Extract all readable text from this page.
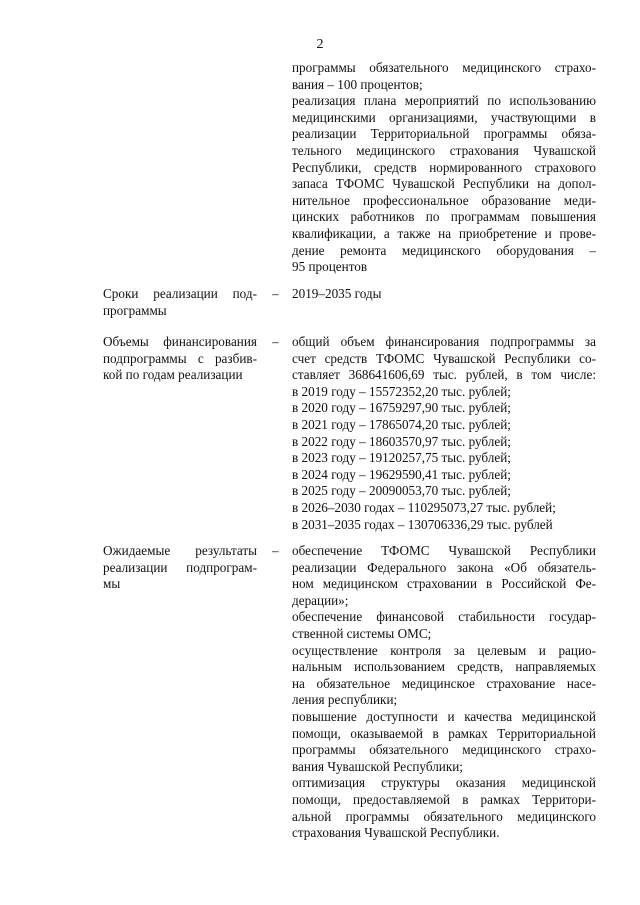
2
программы обязательного медицинского страхо-
вания – 100 процентов;
реализация плана мероприятий по использованию
медицинскими организациями, участвующими в
реализации Территориальной программы обяза-
тельного медицинского страхования Чувашской
Республики, средств нормированного страхового
запаса ТФОМС Чувашской Республики на допол-
нительное профессиональное образование меди-
цинских работников по программам повышения
квалификации, а также на приобретение и прове-
дение ремонта медицинского оборудования –
95 процентов
Сроки реализации под-
программы
– 2019–2035 годы
Объемы финансирования
подпрограммы с разбив-
кой по годам реализации
– общий объем финансирования подпрограммы за
счет средств ТФОМС Чувашской Республики со-
ставляет 368641606,69 тыс. рублей, в том числе:
в 2019 году – 15572352,20 тыс. рублей;
в 2020 году – 16759297,90 тыс. рублей;
в 2021 году – 17865074,20 тыс. рублей;
в 2022 году – 18603570,97 тыс. рублей;
в 2023 году – 19120257,75 тыс. рублей;
в 2024 году – 19629590,41 тыс. рублей;
в 2025 году – 20090053,70 тыс. рублей;
в 2026–2030 годах – 110295073,27 тыс. рублей;
в 2031–2035 годах – 130706336,29 тыс. рублей
Ожидаемые результаты
реализации подпрограм-
мы
– обеспечение ТФОМС Чувашской Республики
реализации Федерального закона «Об обязатель-
ном медицинском страховании в Российской Фе-
дерации»;
обеспечение финансовой стабильности государ-
ственной системы ОМС;
осуществление контроля за целевым и рацио-
нальным использованием средств, направляемых
на обязательное медицинское страхование насе-
ления республики;
повышение доступности и качества медицинской
помощи, оказываемой в рамках Территориальной
программы обязательного медицинского страхо-
вания Чувашской Республики;
оптимизация структуры оказания медицинской
помощи, предоставляемой в рамках Территори-
альной программы обязательного медицинского
страхования Чувашской Республики.
